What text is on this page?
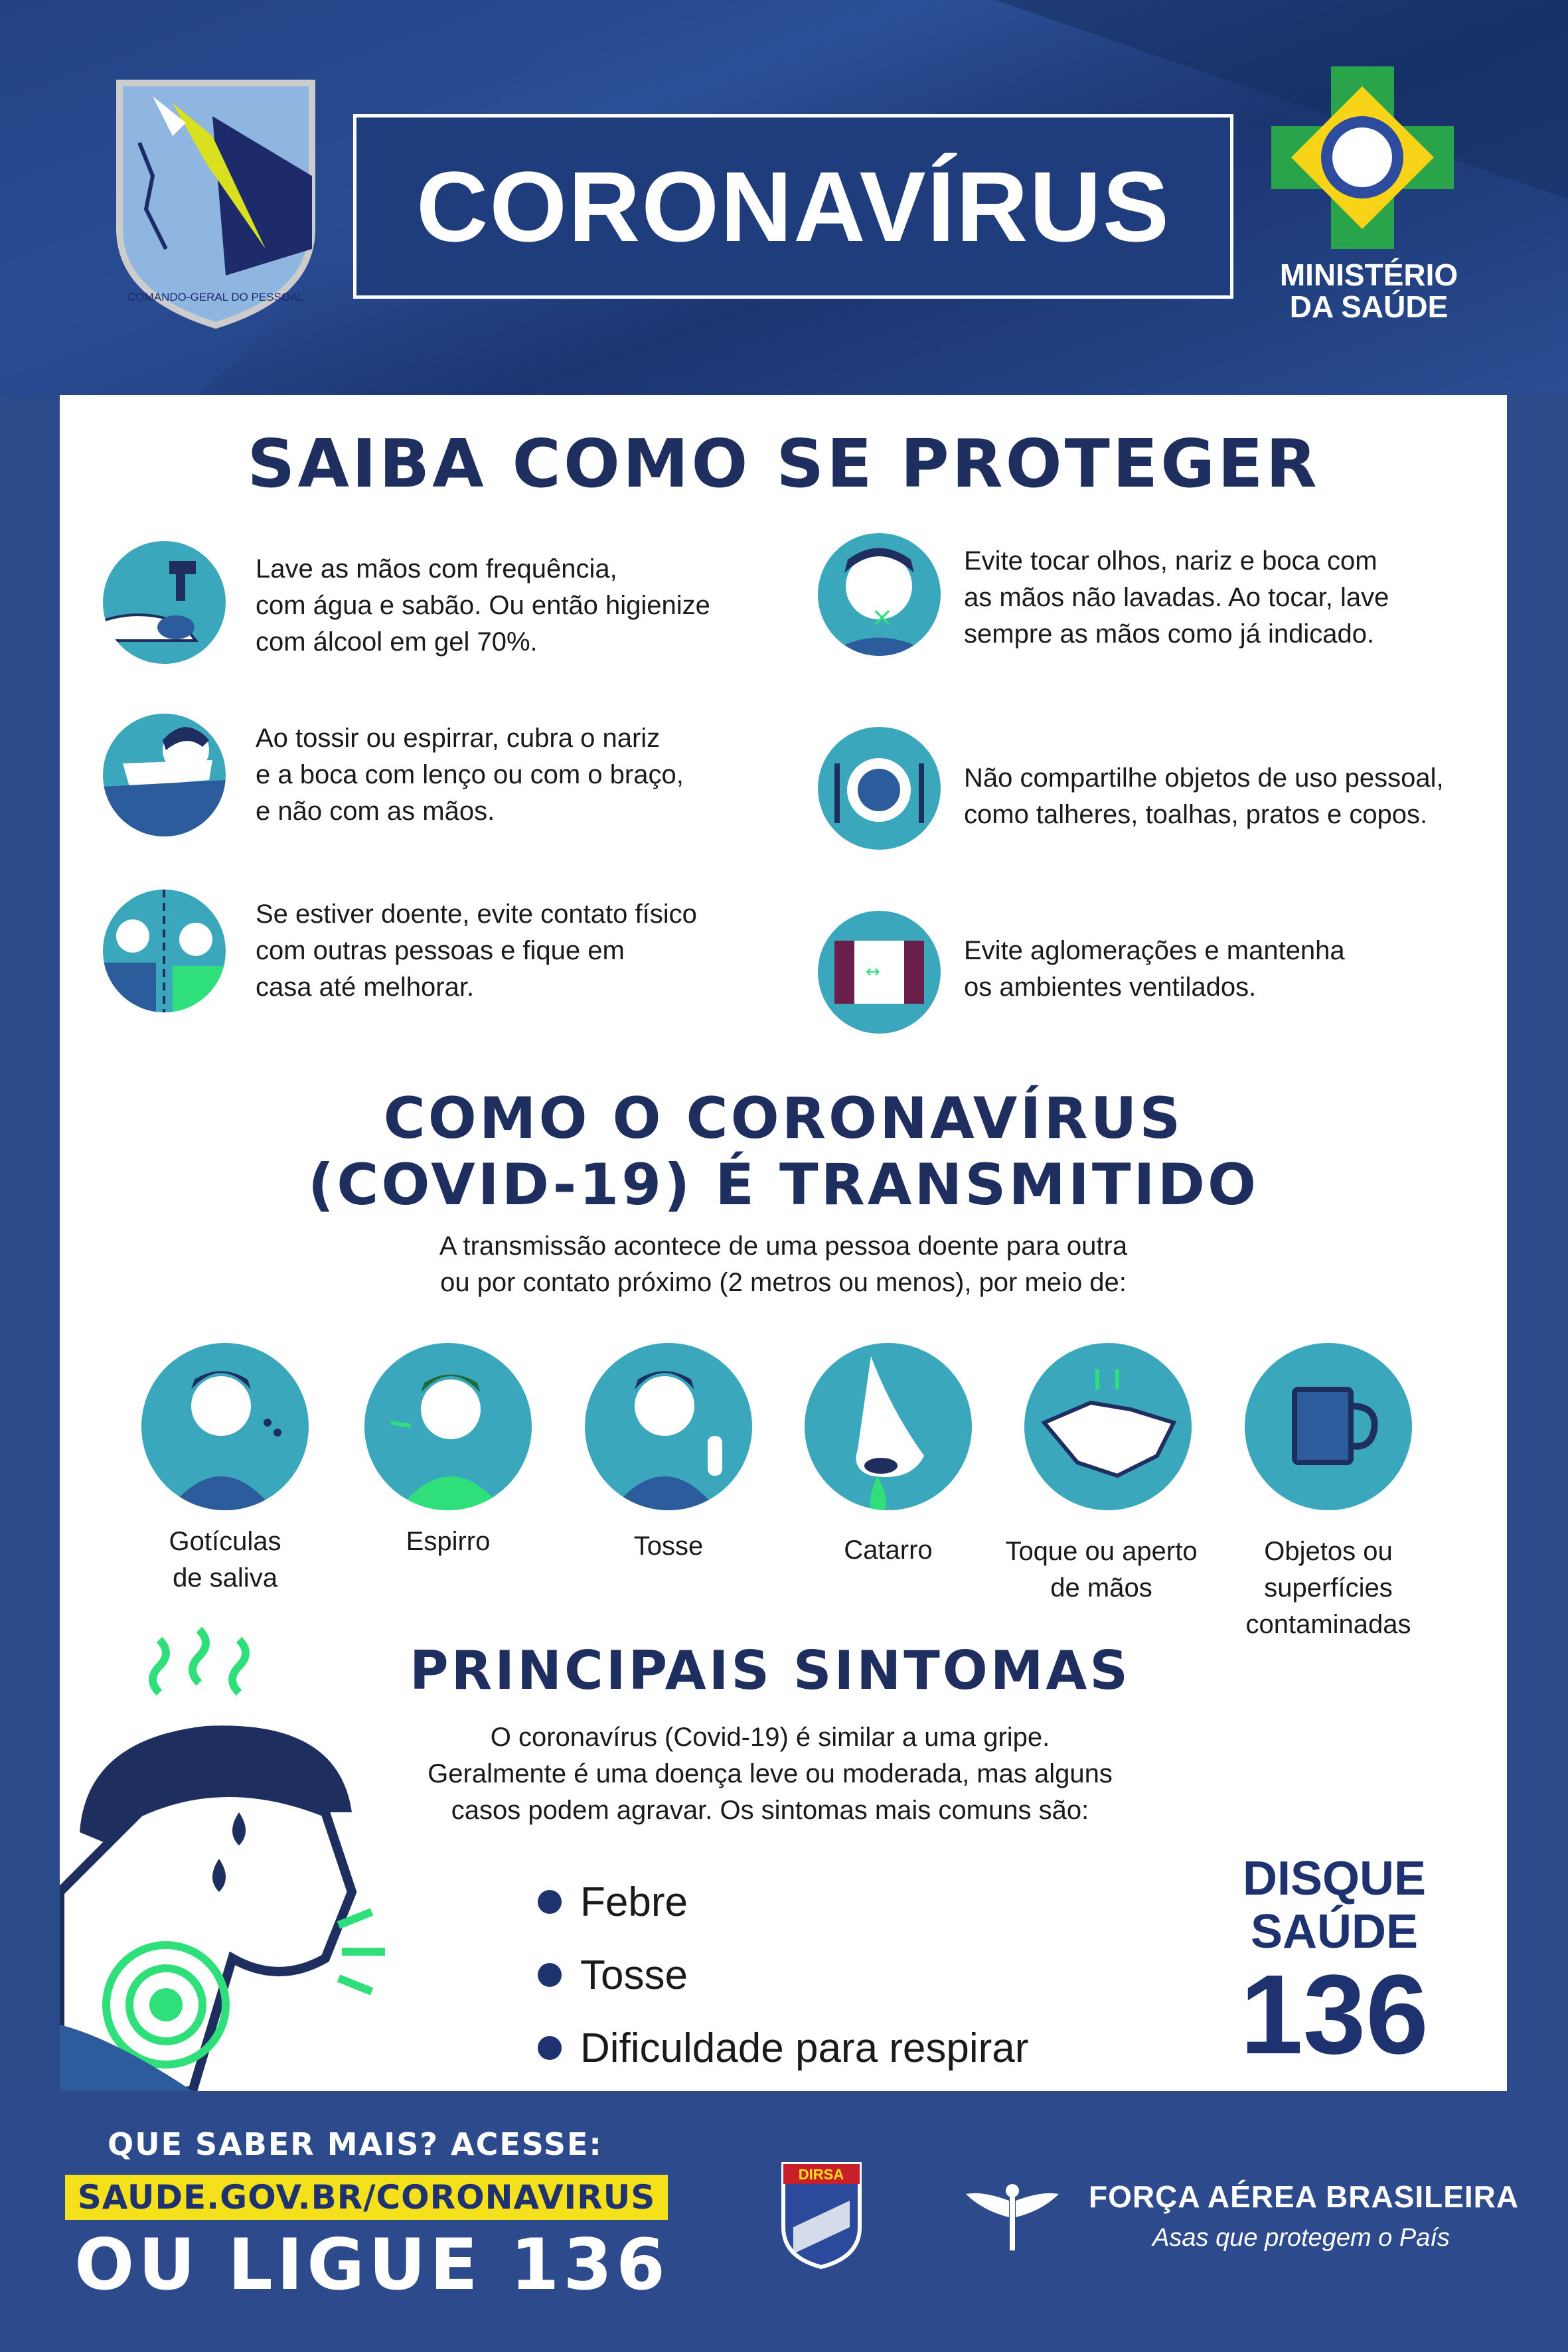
COMANDO-GERAL DO PESSOAL
CORONAVÍRUS
MINISTÉRIO
DA SAÚDE
SAIBA COMO SE PROTEGER
Lave as mãos com frequência,
com água e sabão. Ou então higienize
com álcool em gel 70%.
Ao tossir ou espirrar, cubra o nariz
e a boca com lenço ou com o braço,
e não com as mãos.
Se estiver doente, evite contato físico
com outras pessoas e fique em
casa até melhorar.
×
Evite tocar olhos, nariz e boca com
as mãos não lavadas. Ao tocar, lave
sempre as mãos como já indicado.
Não compartilhe objetos de uso pessoal,
como talheres, toalhas, pratos e copos.
↔
Evite aglomerações e mantenha
os ambientes ventilados.
COMO O CORONAVÍRUS
(COVID-19) É TRANSMITIDO
A transmissão acontece de uma pessoa doente para outra
ou por contato próximo (2 metros ou menos), por meio de:
Gotículas
de saliva
Espirro	Tosse	Catarro	Toque ou aperto
de mãos
Objetos ou
superfícies
contaminadas
PRINCIPAIS SINTOMAS
O coronavírus (Covid-19) é similar a uma gripe.
Geralmente é uma doença leve ou moderada, mas alguns
casos podem agravar. Os sintomas mais comuns são:
Febre
Tosse
Dificuldade para respirar
DISQUE
SAÚDE
136
QUE SABER MAIS? ACESSE:
SAUDE.GOV.BR/CORONAVIRUS
OU LIGUE 136
DIRSA
FORÇA AÉREA BRASILEIRA
Asas que protegem o País
